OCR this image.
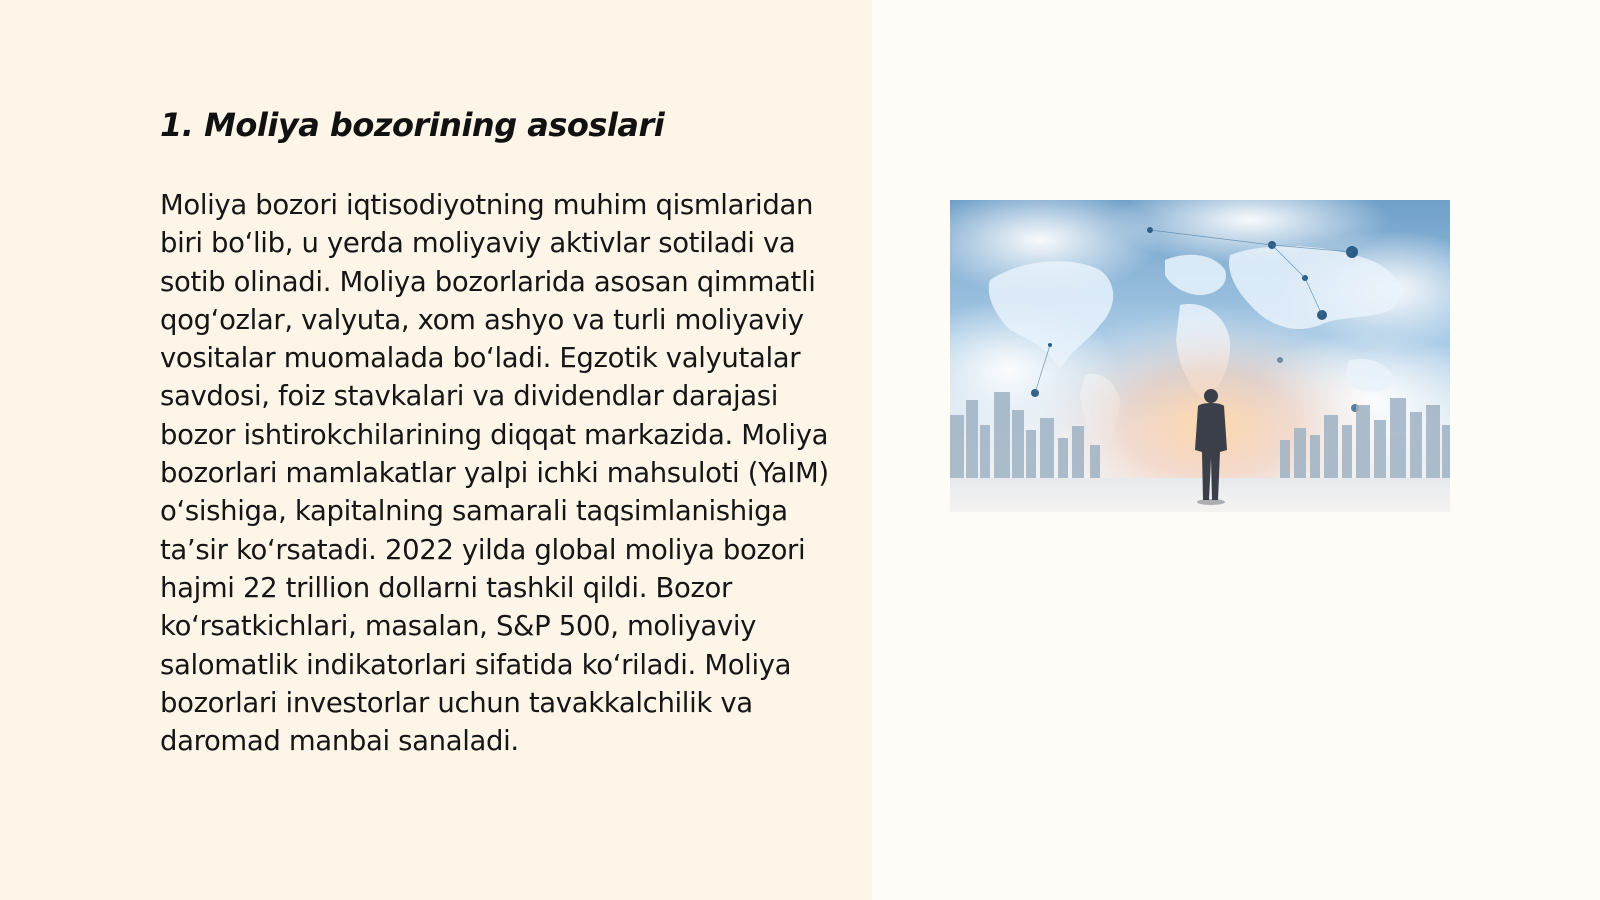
1. Moliya bozorining asoslari

Moliya bozori iqtisodiyotning muhim qismlaridan biri bo‘lib, u yerda moliyaviy aktivlar sotiladi va sotib olinadi. Moliya bozorlarida asosan qimmatli qog‘ozlar, valyuta, xom ashyo va turli moliyaviy vositalar muomalada bo‘ladi. Egzotik valyutalar savdosi, foiz stavkalari va dividendlar darajasi bozor ishtirokchilarining diqqat markazida. Moliya bozorlari mamlakatlar yalpi ichki mahsuloti (YaIM) o‘sishiga, kapitalning samarali taqsimlanishiga ta’sir ko‘rsatadi. 2022 yilda global moliya bozori hajmi 22 trillion dollarni tashkil qildi. Bozor ko‘rsatkichlari, masalan, S&P 500, moliyaviy salomatlik indikatorlari sifatida ko‘riladi. Moliya bozorlari investorlar uchun tavakkalchilik va daromad manbai sanaladi.
